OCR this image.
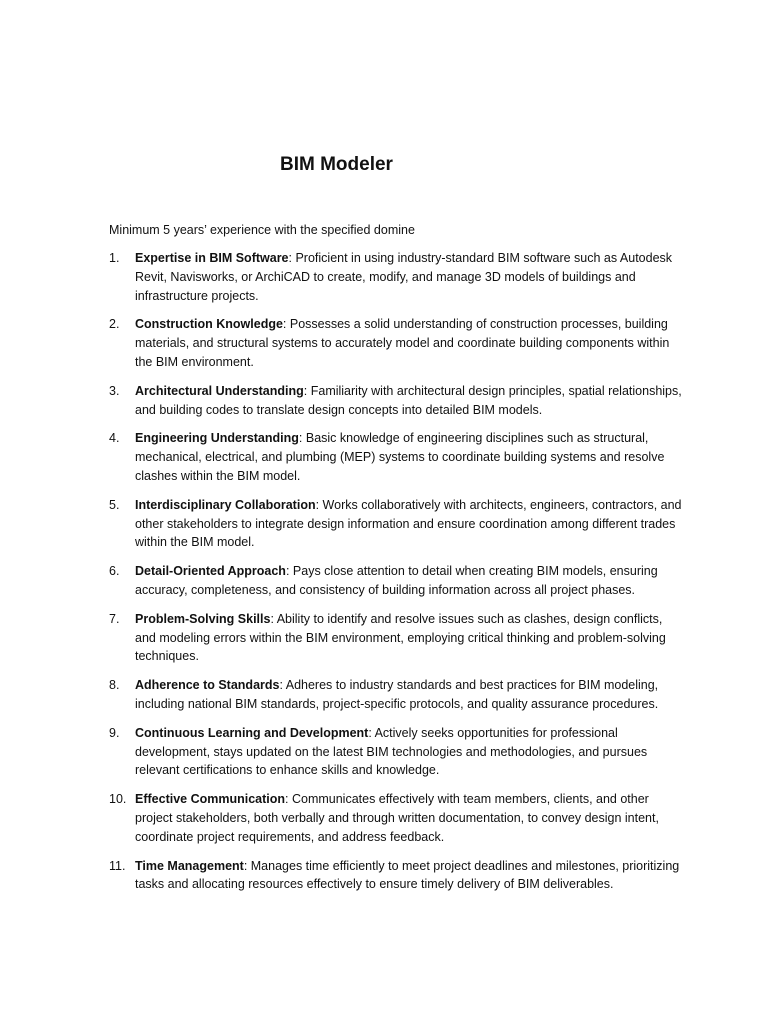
BIM Modeler

Minimum 5 years’ experience with the specified domine

1.	Expertise in BIM Software: Proficient in using industry-standard BIM software such as Autodesk Revit, Navisworks, or ArchiCAD to create, modify, and manage 3D models of buildings and infrastructure projects.
2.	Construction Knowledge: Possesses a solid understanding of construction processes, building materials, and structural systems to accurately model and coordinate building components within the BIM environment.
3.	Architectural Understanding: Familiarity with architectural design principles, spatial relationships, and building codes to translate design concepts into detailed BIM models.
4.	Engineering Understanding: Basic knowledge of engineering disciplines such as structural, mechanical, electrical, and plumbing (MEP) systems to coordinate building systems and resolve clashes within the BIM model.
5.	Interdisciplinary Collaboration: Works collaboratively with architects, engineers, contractors, and other stakeholders to integrate design information and ensure coordination among different trades within the BIM model.
6.	Detail-Oriented Approach: Pays close attention to detail when creating BIM models, ensuring accuracy, completeness, and consistency of building information across all project phases.
7.	Problem-Solving Skills: Ability to identify and resolve issues such as clashes, design conflicts, and modeling errors within the BIM environment, employing critical thinking and problem-solving techniques.
8.	Adherence to Standards: Adheres to industry standards and best practices for BIM modeling, including national BIM standards, project-specific protocols, and quality assurance procedures.
9.	Continuous Learning and Development: Actively seeks opportunities for professional development, stays updated on the latest BIM technologies and methodologies, and pursues relevant certifications to enhance skills and knowledge.
10. Effective Communication: Communicates effectively with team members, clients, and other project stakeholders, both verbally and through written documentation, to convey design intent, coordinate project requirements, and address feedback.
11. Time Management: Manages time efficiently to meet project deadlines and milestones, prioritizing tasks and allocating resources effectively to ensure timely delivery of BIM deliverables.
